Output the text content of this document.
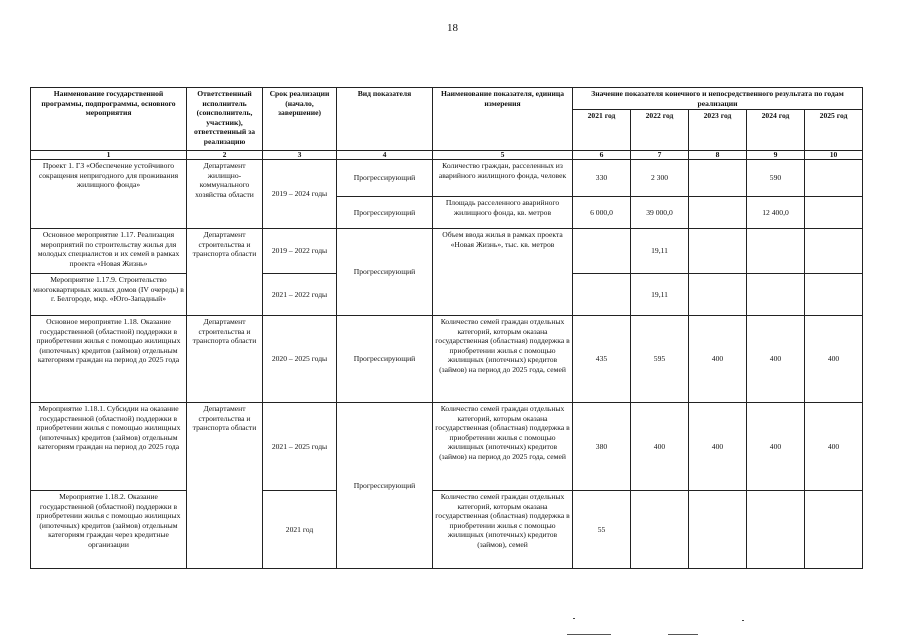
18
Наименование государственной программы, подпрограммы, основного мероприятия	Ответственный исполнитель (соисполнитель, участник), ответственный за реализацию	Срок реализации (начало, завершение)	Вид показателя	Наименование показателя, единица измерения	Значение показателя конечного и непосредственного результата по годам реализации				
					2021 год	2022 год	2023 год	2024 год	2025 год
1	2	3	4	5	6	7	8	9	10
Проект 1. ГЗ «Обеспечение устойчивого сокращения непригодного для проживания жилищного фонда»	Департамент жилищно-коммунального хозяйства области	2019 – 2024 годы	Прогрессирующий	Количество граждан, расселенных из аварийного жилищного фонда, человек	330	2 300		590	
			Прогрессирующий	Площадь расселенного аварийного жилищного фонда, кв. метров	6 000,0	39 000,0		12 400,0	
Основное мероприятие 1.17. Реализация мероприятий по строительству жилья для молодых специалистов и их семей в рамках проекта «Новая Жизнь»	Департамент строительства и транспорта области	2019 – 2022 годы	Прогрессирующий	Объем ввода жилья в рамках проекта «Новая Жизнь», тыс. кв. метров		19,11			
Мероприятие 1.17.9. Строительство многоквартирных жилых домов (IV очередь) в г. Белгороде, мкр. «Юго-Западный»		2021 – 2022 годы				19,11			
Основное мероприятие 1.18. Оказание государственной (областной) поддержки в приобретении жилья с помощью жилищных (ипотечных) кредитов (займов) отдельным категориям граждан на период до 2025 года	Департамент строительства и транспорта области	2020 – 2025 годы	Прогрессирующий	Количество семей граждан отдельных категорий, которым оказана государственная (областная) поддержка в приобретении жилья с помощью жилищных (ипотечных) кредитов (займов) на период до 2025 года, семей	435	595	400	400	400
Мероприятие 1.18.1. Субсидии на оказание государственной (областной) поддержки в приобретении жилья с помощью жилищных (ипотечных) кредитов (займов) отдельным категориям граждан на период до 2025 года	Департамент строительства и транспорта области	2021 – 2025 годы	Прогрессирующий	Количество семей граждан отдельных категорий, которым оказана государственная (областная) поддержка в приобретении жилья с помощью жилищных (ипотечных) кредитов (займов) на период до 2025 года, семей	380	400	400	400	400
Мероприятие 1.18.2. Оказание государственной (областной) поддержки в приобретении жилья с помощью жилищных (ипотечных) кредитов (займов) отдельным категориям граждан через кредитные организации		2021 год		Количество семей граждан отдельных категорий, которым оказана государственная (областная) поддержка в приобретении жилья с помощью жилищных (ипотечных) кредитов (займов), семей	55				
